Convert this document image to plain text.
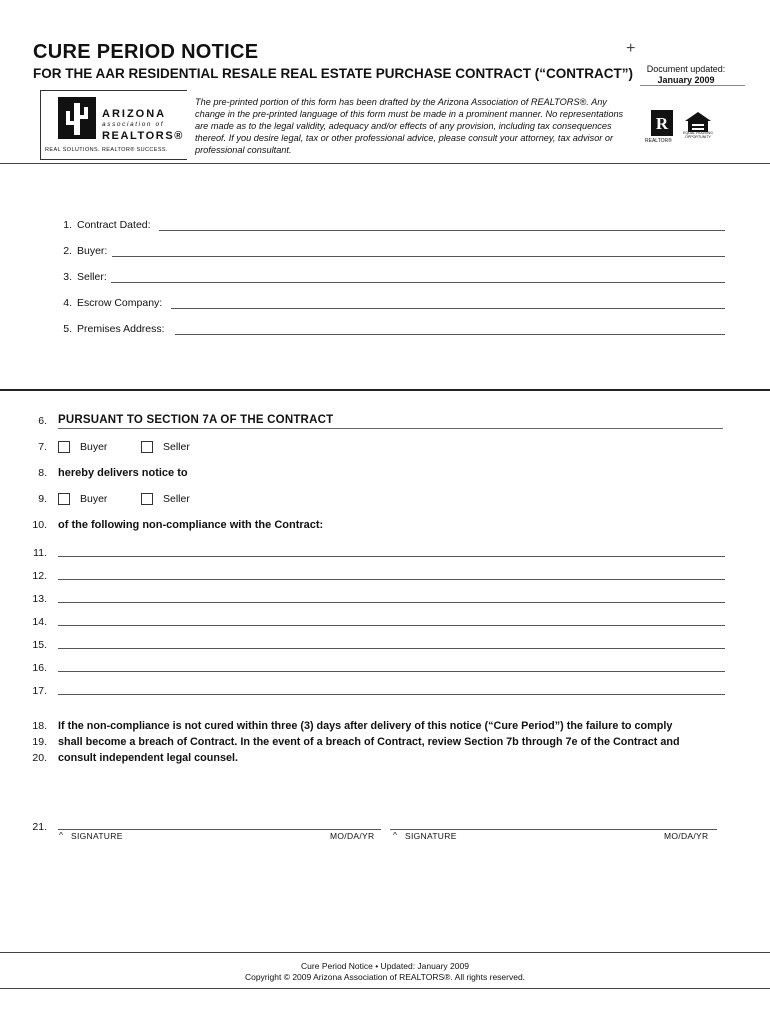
CURE PERIOD NOTICE
FOR THE AAR RESIDENTIAL RESALE REAL ESTATE PURCHASE CONTRACT (“CONTRACT”)
+
Document updated:
January 2009
ARIZONA
association of
REALTORS®
REAL SOLUTIONS. REALTOR® SUCCESS.
The pre-printed portion of this form has been drafted by the Arizona Association of REALTORS®. Any change in the pre-printed language of this form must be made in a prominent manner. No representations are made as to the legal validity, adequacy and/or effects of any provision, including tax consequences thereof. If you desire legal, tax or other professional advice, please consult your attorney, tax advisor or professional consultant.
R
REALTOR®
EQUAL HOUSING OPPORTUNITY
1. Contract Dated:
2. Buyer:
3. Seller:
4. Escrow Company:
5. Premises Address:
6. PURSUANT TO SECTION 7A OF THE CONTRACT
7.	Buyer	Seller
8. hereby delivers notice to
9.	Buyer	Seller
10. of the following non-compliance with the Contract:
11.
12.
13.
14.
15.
16.
17.
18. If the non-compliance is not cured within three (3) days after delivery of this notice (“Cure Period”) the failure to comply
19. shall become a breach of Contract. In the event of a breach of Contract, review Section 7b through 7e of the Contract and
20. consult independent legal counsel.
21.
^ SIGNATURE	MO/DA/YR ^ SIGNATURE	MO/DA/YR
Cure Period Notice • Updated: January 2009
Copyright © 2009 Arizona Association of REALTORS®. All rights reserved.
